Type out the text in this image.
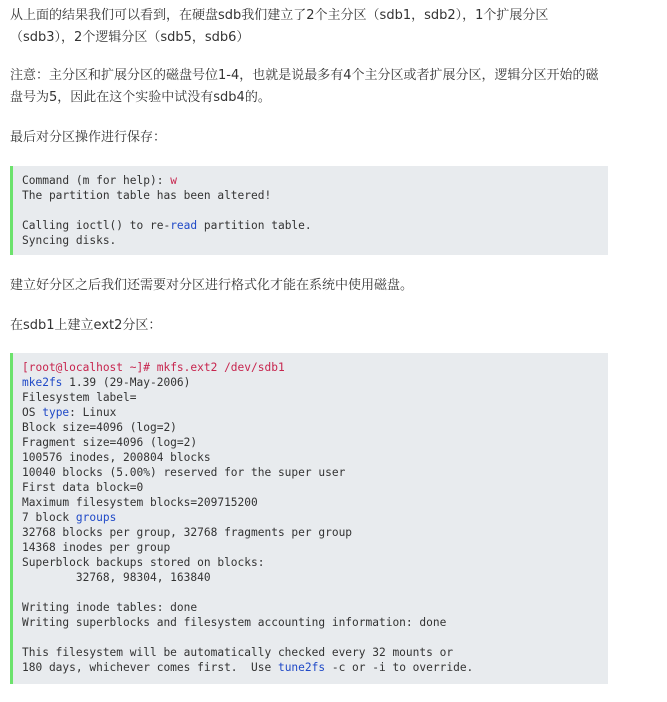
从上面的结果我们可以看到，在硬盘sdb我们建立了2个主分区（sdb1，sdb2），1个扩展分区（sdb3），2个逻辑分区（sdb5，sdb6）

注意：主分区和扩展分区的磁盘号位1-4，也就是说最多有4个主分区或者扩展分区，逻辑分区开始的磁盘号为5，因此在这个实验中试没有sdb4的。

最后对分区操作进行保存：

Command (m for help): w
The partition table has been altered!
Calling ioctl() to re-read partition table.
Syncing disks.

建立好分区之后我们还需要对分区进行格式化才能在系统中使用磁盘。

在sdb1上建立ext2分区：

[root@localhost ~]# mkfs.ext2 /dev/sdb1
mke2fs 1.39 (29-May-2006)
Filesystem label=
OS type: Linux
Block size=4096 (log=2)
Fragment size=4096 (log=2)
100576 inodes, 200804 blocks
10040 blocks (5.00%) reserved for the super user
First data block=0
Maximum filesystem blocks=209715200
7 block groups
32768 blocks per group, 32768 fragments per group
14368 inodes per group
Superblock backups stored on blocks:
32768, 98304, 163840
Writing inode tables: done
Writing superblocks and filesystem accounting information: done
This filesystem will be automatically checked every 32 mounts or
180 days, whichever comes first.  Use tune2fs -c or -i to override.
